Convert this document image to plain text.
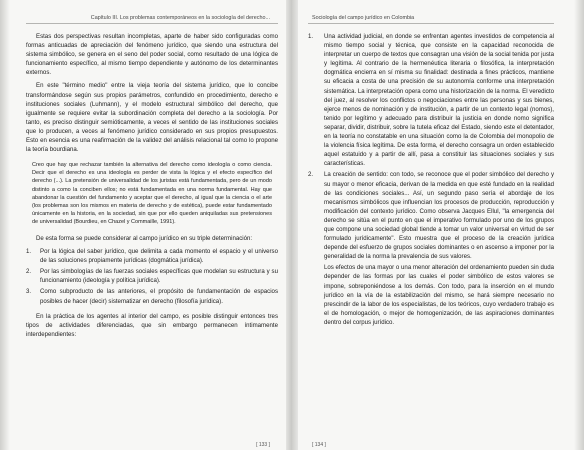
Capítulo III. Los problemas contemporáneos en la sociología del derecho...

Estas dos perspectivas resultan incompletas, aparte de haber sido configuradas como formas anticuadas de apreciación del fenómeno jurídico, que siendo una estructura del sistema simbólico, se genera en el seno del poder social, como resultado de una lógica de funcionamiento específico, al mismo tiempo dependiente y autónomo de los determinantes externos.

En este "término medio" entre la vieja teoría del sistema jurídico, que lo concibe transformándose según sus propios parámetros, confundido en procedimiento, derecho e instituciones sociales (Luhmann), y el modelo estructural simbólico del derecho, que igualmente se requiere evitar la subordinación completa del derecho a la sociología. Por tanto, es preciso distinguir semióticamente, a veces el sentido de las instituciones sociales que lo producen, a veces al fenómeno jurídico considerado en sus propios presupuestos. Esto en esencia es una reafirmación de la validez del análisis relacional tal como lo propone la teoría bourdiana.

Creo que hay que rechazar también la alternativa del derecho como ideología o como ciencia. Decir que el derecho es una ideología es perder de vista la lógica y el efecto específico del derecho (...). La pretensión de universalidad de los juristas está fundamentada, pero de un modo distinto a como la conciben ellos; no está fundamentada en una norma fundamental. Hay que abandonar la cuestión del fundamento y aceptar que el derecho, al igual que la ciencia o el arte (los problemas son los mismos en materia de derecho y de estética), puede estar fundamentado únicamente en la historia, en la sociedad, sin que por ello queden aniquiladas sus pretensiones de universalidad (Bourdieu, en Chazel y Commaille, 1991).

De esta forma se puede considerar al campo jurídico en su triple determinación:

1. Por la lógica del saber jurídico, que delimita a cada momento el espacio y el universo de las soluciones propiamente jurídicas (dogmática jurídica).
2. Por las simbologías de las fuerzas sociales específicas que modelan su estructura y su funcionamiento (ideología y política jurídica).
3. Como subproducto de las anteriores, el propósito de fundamentación de espacios posibles de hacer (decir) sistematizar en derecho (filosofía jurídica).

En la práctica de los agentes al interior del campo, es posible distinguir entonces tres tipos de actividades diferenciadas, que sin embargo permanecen íntimamente interdependientes:

[ 133 ]
Sociología del campo jurídico en Colombia
1. Una actividad judicial, en donde se enfrentan agentes investidos de competencia al mismo tiempo social y técnica, que consiste en la capacidad reconocida de interpretar un cuerpo de textos que consagran una visión de la social tenida por justa y legítima. Al contrario de la hermenéutica literaria o filosófica, la interpretación dogmática encierra en sí misma su finalidad: destinada a fines prácticos, mantiene su eficacia a costa de una precisión de su autonomía conforme una interpretación sistemática. La interpretación opera como una historización de la norma. El veredicto del juez, al resolver los conflictos o negociaciones entre las personas y sus bienes, ejerce menos de nominación y de institución, a partir de un contexto legal (nomos), tenido por legítimo y adecuado para distribuir la justicia en donde nomo significa separar, dividir, distribuir, sobre la tutela eficaz del Estado, siendo este el detentador, en la teoría no constatable en una situación como la de Colombia del monopolio de la violencia física legítima. De esta forma, el derecho consagra un orden establecido aquel estatuido y a partir de allí, pasa a constituir las situaciones sociales y sus características.
2. La creación de sentido: con todo, se reconoce que el poder simbólico del derecho y su mayor o menor eficacia, derivan de la medida en que esté fundado en la realidad de las condiciones sociales... Así, un segundo paso sería el abordaje de los mecanismos simbólicos que influencian los procesos de producción, reproducción y modificación del contexto jurídico. Como observa Jacques Ellul, "la emergencia del derecho se sitúa en el punto en que el imperativo formulado por uno de los grupos que compone una sociedad global tiende a tomar un valor universal en virtud de ser formulado jurídicamente". Esto muestra que el proceso de la creación jurídica depende del esfuerzo de grupos sociales dominantes o en ascenso a imponer por la generalidad de la norma la prevalencia de sus valores.

Los efectos de una mayor o una menor alteración del ordenamiento pueden sin duda depender de las formas por las cuales el poder simbólico de estos valores se impone, sobreponiéndose a los demás. Con todo, para la inserción en el mundo jurídico en la vía de la estabilización del mismo, se hará siempre necesario no prescindir de la labor de los especialistas, de los teóricos, cuyo verdadero trabajo es el de homologación, o mejor de homogenización, de las aspiraciones dominantes dentro del corpus jurídico.

[ 134 ]
